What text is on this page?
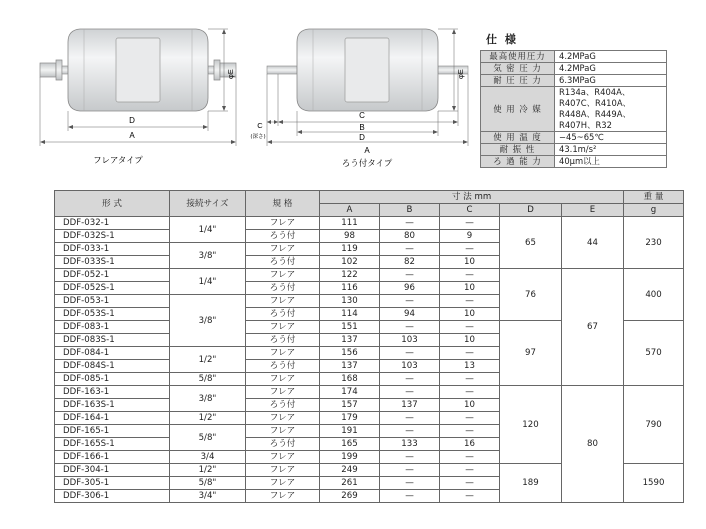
D
A
φE
フレアタイプ
C
(深さ)
C
B
D
A
φE
ろう付タイプ
仕 様
最高使用圧力	4.2MPaG
気 密 圧 力	4.2MPaG
耐 圧 圧 力	6.3MPaG
使 用 冷 媒	R134a、R404A、R407C、R410A、R448A、R449A、R407H、R32
使 用 温 度	−45~65℃
耐 振 性	43.1m/s²
ろ 過 能 力	40μm以上
形 式	接続サイズ	規 格	寸 法 mm					重 量
			A	B	C	D	E	g
DDF-032-1	1/4"	フレア	111	—	—	65	44	230
DDF-032S-1		ろう付	98	80	9			
DDF-033-1	3/8"	フレア	119	—	—			
DDF-033S-1		ろう付	102	82	10			
DDF-052-1	1/4"	フレア	122	—	—	76	67	400
DDF-052S-1		ろう付	116	96	10			
DDF-053-1	3/8"	フレア	130	—	—			
DDF-053S-1		ろう付	114	94	10			
DDF-083-1		フレア	151	—	—	97		570
DDF-083S-1		ろう付	137	103	10			
DDF-084-1	1/2"	フレア	156	—	—			
DDF-084S-1		ろう付	137	103	13			
DDF-085-1	5/8"	フレア	168	—	—			
DDF-163-1	3/8"	フレア	174	—	—	120	80	790
DDF-163S-1		ろう付	157	137	10			
DDF-164-1	1/2"	フレア	179	—	—			
DDF-165-1	5/8"	フレア	191	—	—			
DDF-165S-1		ろう付	165	133	16			
DDF-166-1	3/4	フレア	199	—	—			
DDF-304-1	1/2"	フレア	249	—	—	189		1590
DDF-305-1	5/8"	フレア	261	—	—			
DDF-306-1	3/4"	フレア	269	—	—			
